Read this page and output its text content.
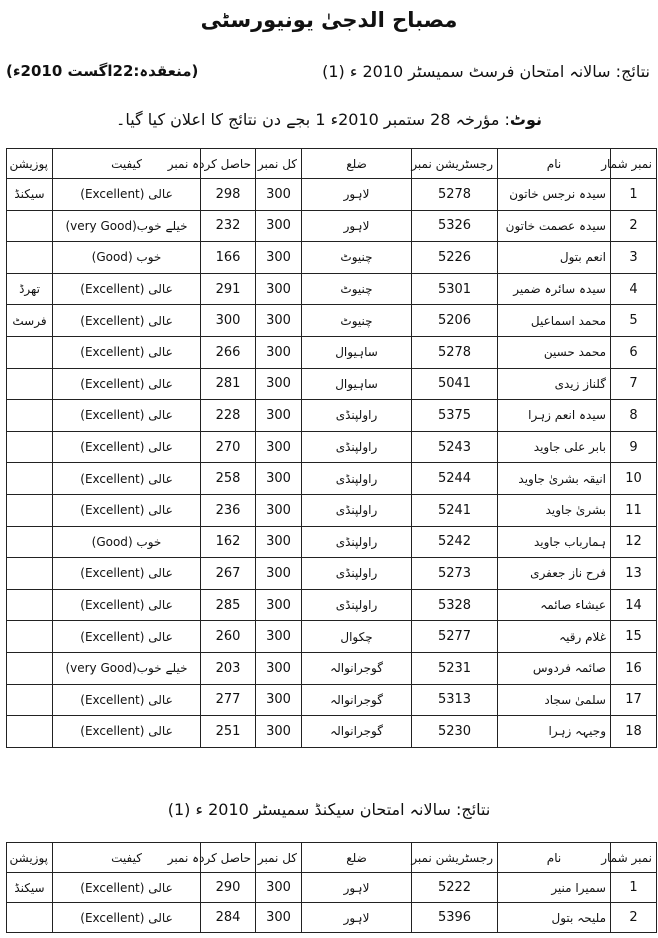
مصباح الدجیٰ یونیورسٹی
نتائج: سالانہ امتحان فرسٹ سمیسٹر 2010 ء (1)
(منعقدہ:22اگست 2010ء)
نوٹ: مؤرخہ 28 ستمبر 2010ء 1 بجے دن نتائج کا اعلان کیا گیا۔
نمبر شمار	نام	رجسٹریشن نمبر	ضلع	کل نمبر	حاصل کردہ نمبر	کیفیت	پوزیشن
1	سیدہ نرجس خاتون	5278	لاہور	300	298	عالی (Excellent)	سیکنڈ
2	سیدہ عصمت خاتون	5326	لاہور	300	232	خیلے خوب(very Good)	
3	انعم بتول	5226	چنیوٹ	300	166	خوب (Good)	
4	سیدہ سائرہ ضمیر	5301	چنیوٹ	300	291	عالی (Excellent)	تھرڈ
5	محمد اسماعیل	5206	چنیوٹ	300	300	عالی (Excellent)	فرسٹ
6	محمد حسین	5278	ساہیوال	300	266	عالی (Excellent)	
7	گلناز زیدی	5041	ساہیوال	300	281	عالی (Excellent)	
8	سیدہ انعم زہرا	5375	راولپنڈی	300	228	عالی (Excellent)	
9	بابر علی جاوید	5243	راولپنڈی	300	270	عالی (Excellent)	
10	انیقہ بشریٰ جاوید	5244	راولپنڈی	300	258	عالی (Excellent)	
11	بشریٰ جاوید	5241	راولپنڈی	300	236	عالی (Excellent)	
12	ہمارباب جاوید	5242	راولپنڈی	300	162	خوب (Good)	
13	فرح ناز جعفری	5273	راولپنڈی	300	267	عالی (Excellent)	
14	عیشاء صائمہ	5328	راولپنڈی	300	285	عالی (Excellent)	
15	غلام رقیہ	5277	چکوال	300	260	عالی (Excellent)	
16	صائمہ فردوس	5231	گوجرانوالہ	300	203	خیلے خوب(very Good)	
17	سلمیٰ سجاد	5313	گوجرانوالہ	300	277	عالی (Excellent)	
18	وجیہہ زہرا	5230	گوجرانوالہ	300	251	عالی (Excellent)	
نتائج: سالانہ امتحان سیکنڈ سمیسٹر 2010 ء (1)
نمبر شمار	نام	رجسٹریشن نمبر	ضلع	کل نمبر	حاصل کردہ نمبر	کیفیت	پوزیشن
1	سمیرا منیر	5222	لاہور	300	290	عالی (Excellent)	سیکنڈ
2	ملیحہ بتول	5396	لاہور	300	284	عالی (Excellent)	
